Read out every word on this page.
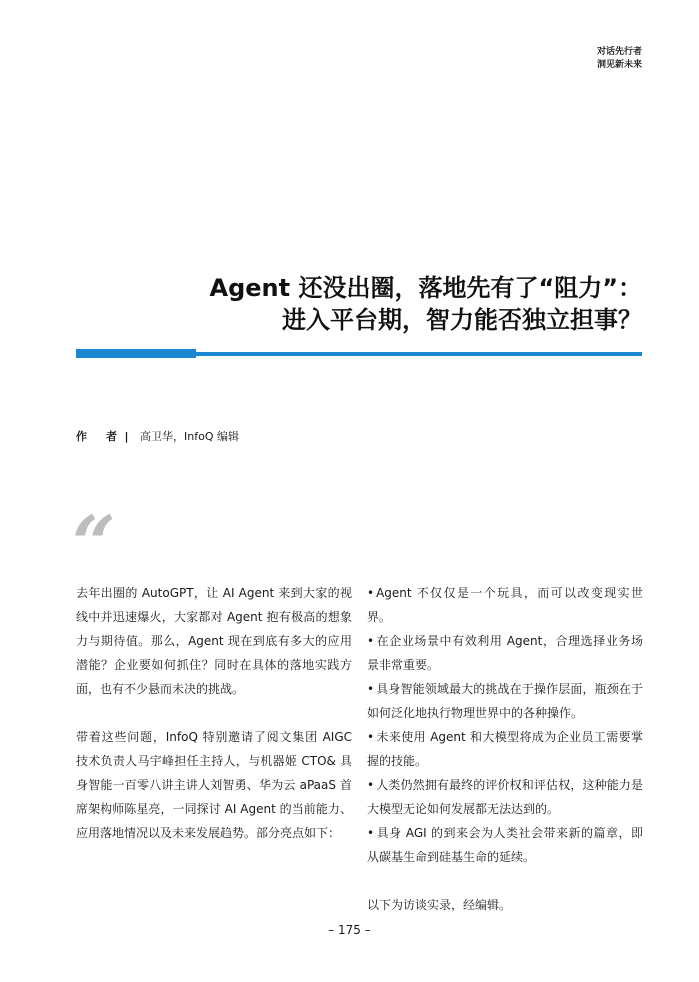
对话先行者
洞见新未来
Agent 还没出圈，落地先有了“阻力”：
进入平台期，智力能否独立担事？
作　者 | 高卫华，InfoQ 编辑
“

去年出圈的 AutoGPT，让 AI Agent 来到大家的视线中并迅速爆火，大家都对 Agent 抱有极高的想象力与期待值。那么，Agent 现在到底有多大的应用潜能？企业要如何抓住？同时在具体的落地实践方面，也有不少悬而未决的挑战。

带着这些问题，InfoQ 特别邀请了阅文集团 AIGC 技术负责人马宇峰担任主持人，与机器姬 CTO& 具身智能一百零八讲主讲人刘智勇、华为云 aPaaS 首席架构师陈星亮，一同探讨 AI Agent 的当前能力、应用落地情况以及未来发展趋势。部分亮点如下：

• Agent 不仅仅是一个玩具，而可以改变现实世界。
• 在企业场景中有效利用 Agent，合理选择业务场景非常重要。
• 具身智能领域最大的挑战在于操作层面，瓶颈在于如何泛化地执行物理世界中的各种操作。
• 未来使用 Agent 和大模型将成为企业员工需要掌握的技能。
• 人类仍然拥有最终的评价权和评估权，这种能力是大模型无论如何发展都无法达到的。
• 具身 AGI 的到来会为人类社会带来新的篇章，即从碳基生命到硅基生命的延续。

以下为访谈实录，经编辑。

– 175 –
